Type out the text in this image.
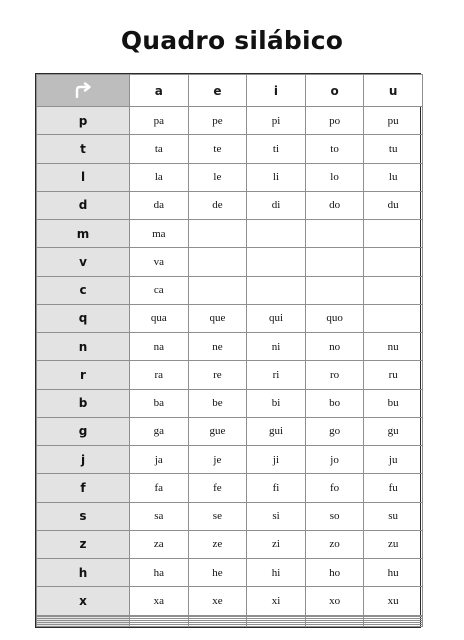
Quadro silábico
	a	e	i	o	u
p	pa	pe	pi	po	pu
t	ta	te	ti	to	tu
l	la	le	li	lo	lu
d	da	de	di	do	du
m	ma				
v	va				
c	ca				
q	qua	que	qui	quo	
n	na	ne	ni	no	nu
r	ra	re	ri	ro	ru
b	ba	be	bi	bo	bu
g	ga	gue	gui	go	gu
j	ja	je	ji	jo	ju
f	fa	fe	fi	fo	fu
s	sa	se	si	so	su
z	za	ze	zi	zo	zu
h	ha	he	hi	ho	hu
x	xa	xe	xi	xo	xu
